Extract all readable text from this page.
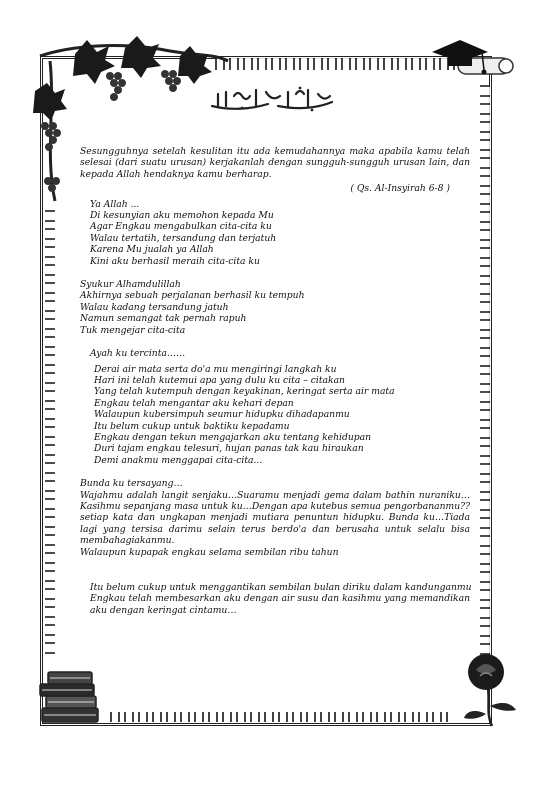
Sesungguhnya setelah kesulitan itu ada kemudahannya maka apabila kamu telah selesai (dari suatu urusan) kerjakanlah dengan sungguh-sungguh urusan lain, dan kepada Allah hendaknya kamu berharap.

( Qs. Al-Insyirah 6-8 )

Ya Allah ...
Di kesunyian aku memohon kepada Mu
Agar Engkau mengabulkan cita-cita ku
Walau tertatih, tersandung dan terjatuh
Karena Mu jualah ya Allah
Kini aku berhasil meraih cita-cita ku
Syukur Alhamdulillah
Akhirnya sebuah perjalanan berhasil ku tempuh
Walau kadang tersandung jatuh
Namun semangat tak pernah rapuh
Tuk mengejar cita-cita
Ayah ku tercinta……
Derai air mata serta do'a mu mengiringi langkah ku
Hari ini telah kutemui apa yang dulu ku cita – citakan
Yang telah kutempuh dengan keyakinan, keringat serta air mata
Engkau telah mengantar aku kehari depan
Walaupun kubersimpuh seumur hidupku dihadapanmu
Itu belum cukup untuk baktiku kepadamu
Engkau dengan tekun mengajarkan aku tentang kehidupan
Duri tajam engkau telesuri, hujan panas tak kau hiraukan
Demi anakmu menggapai cita-cita...
Bunda ku tersayang…

Wajahmu adalah langit senjaku…Suaramu menjadi gema dalam bathin nuraniku… Kasihmu sepanjang masa untuk ku…Dengan apa kutebus semua pengorbananmu??setiap kata dan ungkapan menjadi mutiara penuntun hidupku. Bunda ku…Tiada lagi yang tersisa darimu selain terus berdo'a dan berusaha untuk selalu bisa membahagiakanmu.

Walaupun kupapak engkau selama sembilan ribu tahun
Itu belum cukup untuk menggantikan sembilan bulan diriku dalam kandunganmu

Engkau telah membesarkan aku dengan air susu dan kasihmu yang memandikan aku dengan keringat cintamu…
